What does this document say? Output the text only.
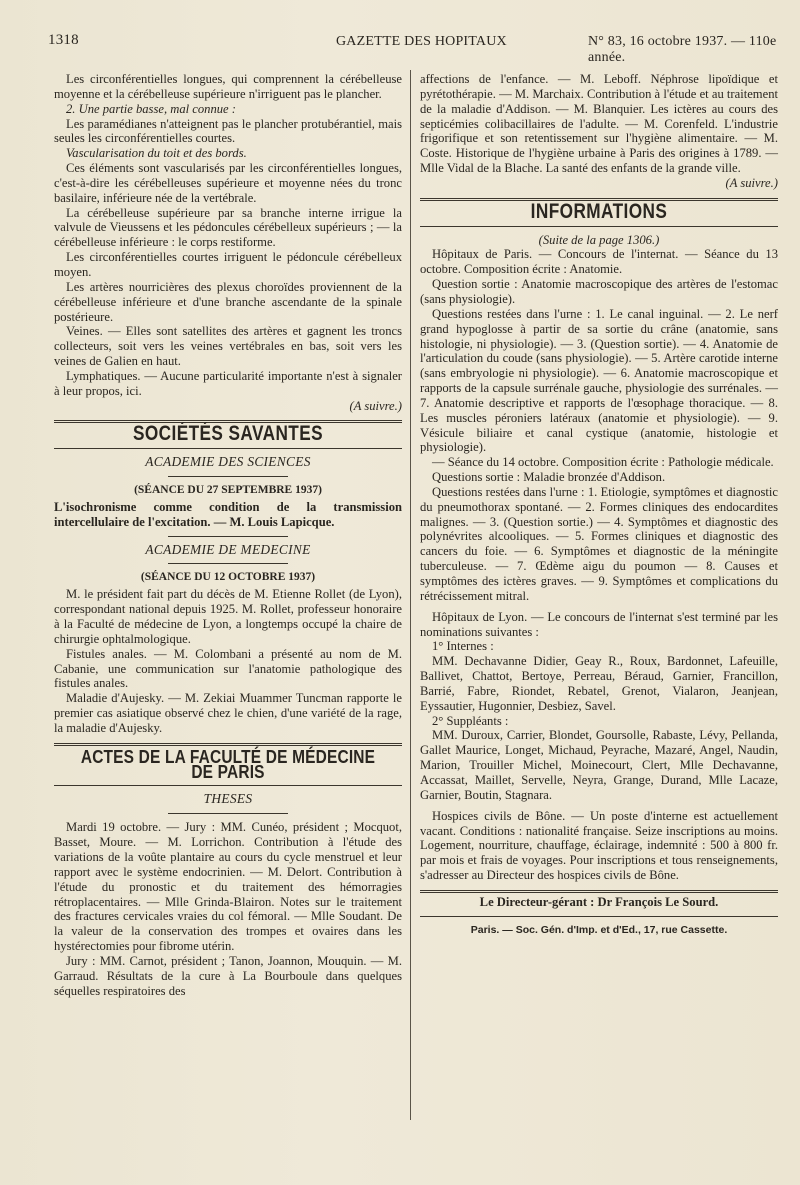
1318	GAZETTE DES HOPITAUX	N° 83, 16 octobre 1937. — 110e année.

Les circonférentielles longues, qui comprennent la cérébelleuse moyenne et la cérébelleuse supérieure n'irriguent pas le plancher.

2. Une partie basse, mal connue :

Les paramédianes n'atteignent pas le plancher protubérantiel, mais seules les circonférentielles courtes.

Vascularisation du toit et des bords.

Ces éléments sont vascularisés par les circonférentielles longues, c'est-à-dire les cérébelleuses supérieure et moyenne nées du tronc basilaire, inférieure née de la vertébrale.

La cérébelleuse supérieure par sa branche interne irrigue la valvule de Vieussens et les pédoncules cérébelleux supérieurs ; — la cérébelleuse inférieure : le corps restiforme.

Les circonférentielles courtes irriguent le pédoncule cérébelleux moyen.

Les artères nourricières des plexus choroïdes proviennent de la cérébelleuse inférieure et d'une branche ascendante de la spinale postérieure.

Veines. — Elles sont satellites des artères et gagnent les troncs collecteurs, soit vers les veines vertébrales en bas, soit vers les veines de Galien en haut.

Lymphatiques. — Aucune particularité importante n'est à signaler à leur propos, ici.

(A suivre.)

SOCIÉTÉS SAVANTES

ACADEMIE DES SCIENCES

(SÉANCE DU 27 SEPTEMBRE 1937)

L'isochronisme comme condition de la transmission intercellulaire de l'excitation. — M. Louis Lapicque.

ACADEMIE DE MEDECINE

(SÉANCE DU 12 OCTOBRE 1937)

M. le président fait part du décès de M. Etienne Rollet (de Lyon), correspondant national depuis 1925. M. Rollet, professeur honoraire à la Faculté de médecine de Lyon, a longtemps occupé la chaire de chirurgie ophtalmologique.

Fistules anales. — M. Colombani a présenté au nom de M. Cabanie, une communication sur l'anatomie pathologique des fistules anales.

Maladie d'Aujesky. — M. Zekiai Muammer Tuncman rapporte le premier cas asiatique observé chez le chien, d'une variété de la rage, la maladie d'Aujesky.

ACTES DE LA FACULTÉ DE MÉDECINE DE PARIS

THESES

Mardi 19 octobre. — Jury : MM. Cunéo, président ; Mocquot, Basset, Moure. — M. Lorrichon. Contribution à l'étude des variations de la voûte plantaire au cours du cycle menstruel et leur rapport avec le système endocrinien. — M. Delort. Contribution à l'étude du pronostic et du traitement des hémorragies rétroplacentaires. — Mlle Grinda-Blairon. Notes sur le traitement des fractures cervicales vraies du col fémoral. — Mlle Soudant. De la valeur de la conservation des trompes et ovaires dans les hystérectomies pour fibrome utérin.

Jury : MM. Carnot, président ; Tanon, Joannon, Mouquin. — M. Garraud. Résultats de la cure à La Bourboule dans quelques séquelles respiratoires des

affections de l'enfance. — M. Leboff. Néphrose lipoïdique et pyrétothérapie. — M. Marchaix. Contribution à l'étude et au traitement de la maladie d'Addison. — M. Blanquier. Les ictères au cours des septicémies colibacillaires de l'adulte. — M. Corenfeld. L'industrie frigorifique et son retentissement sur l'hygiène alimentaire. — M. Coste. Historique de l'hygiène urbaine à Paris des origines à 1789. — Mlle Vidal de la Blache. La santé des enfants de la grande ville.

(A suivre.)

INFORMATIONS

(Suite de la page 1306.)

Hôpitaux de Paris. — Concours de l'internat. — Séance du 13 octobre. Composition écrite : Anatomie.

Question sortie : Anatomie macroscopique des artères de l'estomac (sans physiologie).

Questions restées dans l'urne : 1. Le canal inguinal. — 2. Le nerf grand hypoglosse à partir de sa sortie du crâne (anatomie, sans histologie, ni physiologie). — 3. (Question sortie). — 4. Anatomie de l'articulation du coude (sans physiologie). — 5. Artère carotide interne (sans embryologie ni physiologie). — 6. Anatomie macroscopique et rapports de la capsule surrénale gauche, physiologie des surrénales. — 7. Anatomie descriptive et rapports de l'œsophage thoracique. — 8. Les muscles péroniers latéraux (anatomie et physiologie). — 9. Vésicule biliaire et canal cystique (anatomie, histologie et physiologie).

— Séance du 14 octobre. Composition écrite : Pathologie médicale.

Questions sortie : Maladie bronzée d'Addison.

Questions restées dans l'urne : 1. Etiologie, symptômes et diagnostic du pneumothorax spontané. — 2. Formes cliniques des endocardites malignes. — 3. (Question sortie.) — 4. Symptômes et diagnostic des polynévrites alcooliques. — 5. Formes cliniques et diagnostic des cancers du foie. — 6. Symptômes et diagnostic de la méningite tuberculeuse. — 7. Œdème aigu du poumon — 8. Causes et symptômes des ictères graves. — 9. Symptômes et complications du rétrécissement mitral.

Hôpitaux de Lyon. — Le concours de l'internat s'est terminé par les nominations suivantes :

1° Internes :

MM. Dechavanne Didier, Geay R., Roux, Bardonnet, Lafeuille, Ballivet, Chattot, Bertoye, Perreau, Béraud, Garnier, Francillon, Barrié, Fabre, Riondet, Rebatel, Grenot, Vialaron, Jeanjean, Eyssautier, Hugonnier, Desbiez, Savel.

2° Suppléants :

MM. Duroux, Carrier, Blondet, Goursolle, Rabaste, Lévy, Pellanda, Gallet Maurice, Longet, Michaud, Peyrache, Mazaré, Angel, Naudin, Marion, Trouiller Michel, Moinecourt, Clert, Mlle Dechavanne, Accassat, Maillet, Servelle, Neyra, Grange, Durand, Mlle Lacaze, Garnier, Boutin, Stagnara.

Hospices civils de Bône. — Un poste d'interne est actuellement vacant. Conditions : nationalité française. Seize inscriptions au moins. Logement, nourriture, chauffage, éclairage, indemnité : 500 à 800 fr. par mois et frais de voyages. Pour inscriptions et tous renseignements, s'adresser au Directeur des hospices civils de Bône.

Le Directeur-gérant : Dr François Le Sourd.

Paris. — Soc. Gén. d'Imp. et d'Ed., 17, rue Cassette.
